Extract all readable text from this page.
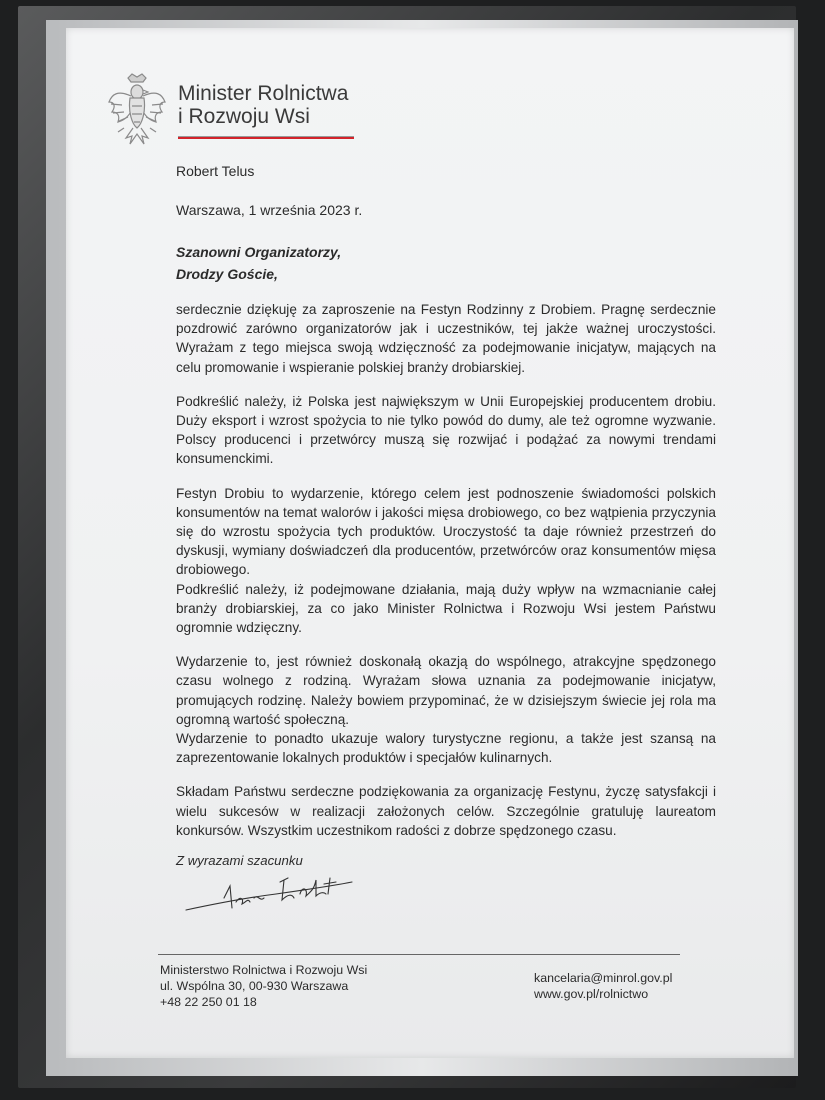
Minister Rolnictwa
i Rozwoju Wsi
Robert Telus
Warszawa, 1 września 2023 r.
Szanowni Organizatorzy,
Drodzy Goście,

serdecznie dziękuję za zaproszenie na Festyn Rodzinny z Drobiem. Pragnę serdecznie pozdrowić zarówno organizatorów jak i uczestników, tej jakże ważnej uroczystości. Wyrażam z tego miejsca swoją wdzięczność za podejmowanie inicjatyw, mających na celu promowanie i wspieranie polskiej branży drobiarskiej.

Podkreślić należy, iż Polska jest największym w Unii Europejskiej producentem drobiu. Duży eksport i wzrost spożycia to nie tylko powód do dumy, ale też ogromne wyzwanie. Polscy producenci i przetwórcy muszą się rozwijać i podążać za nowymi trendami konsumenckimi.

Festyn Drobiu to wydarzenie, którego celem jest podnoszenie świadomości polskich konsumentów na temat walorów i jakości mięsa drobiowego, co bez wątpienia przyczynia się do wzrostu spożycia tych produktów. Uroczystość ta daje również przestrzeń do dyskusji, wymiany doświadczeń dla producentów, przetwórców oraz konsumentów mięsa drobiowego.

Podkreślić należy, iż podejmowane działania, mają duży wpływ na wzmacnianie całej branży drobiarskiej, za co jako Minister Rolnictwa i Rozwoju Wsi jestem Państwu ogromnie wdzięczny.

Wydarzenie to, jest również doskonałą okazją do wspólnego, atrakcyjne spędzonego czasu wolnego z rodziną. Wyrażam słowa uznania za podejmowanie inicjatyw, promujących rodzinę. Należy bowiem przypominać, że w dzisiejszym świecie jej rola ma ogromną wartość społeczną.

Wydarzenie to ponadto ukazuje walory turystyczne regionu, a także jest szansą na zaprezentowanie lokalnych produktów i specjałów kulinarnych.

Składam Państwu serdeczne podziękowania za organizację Festynu, życzę satysfakcji i wielu sukcesów w realizacji założonych celów. Szczególnie gratuluję laureatom konkursów. Wszystkim uczestnikom radości z dobrze spędzonego czasu.

Z wyrazami szacunku
Ministerstwo Rolnictwa i Rozwoju Wsi
ul. Wspólna 30, 00-930 Warszawa
+48 22 250 01 18
kancelaria@minrol.gov.pl
www.gov.pl/rolnictwo
